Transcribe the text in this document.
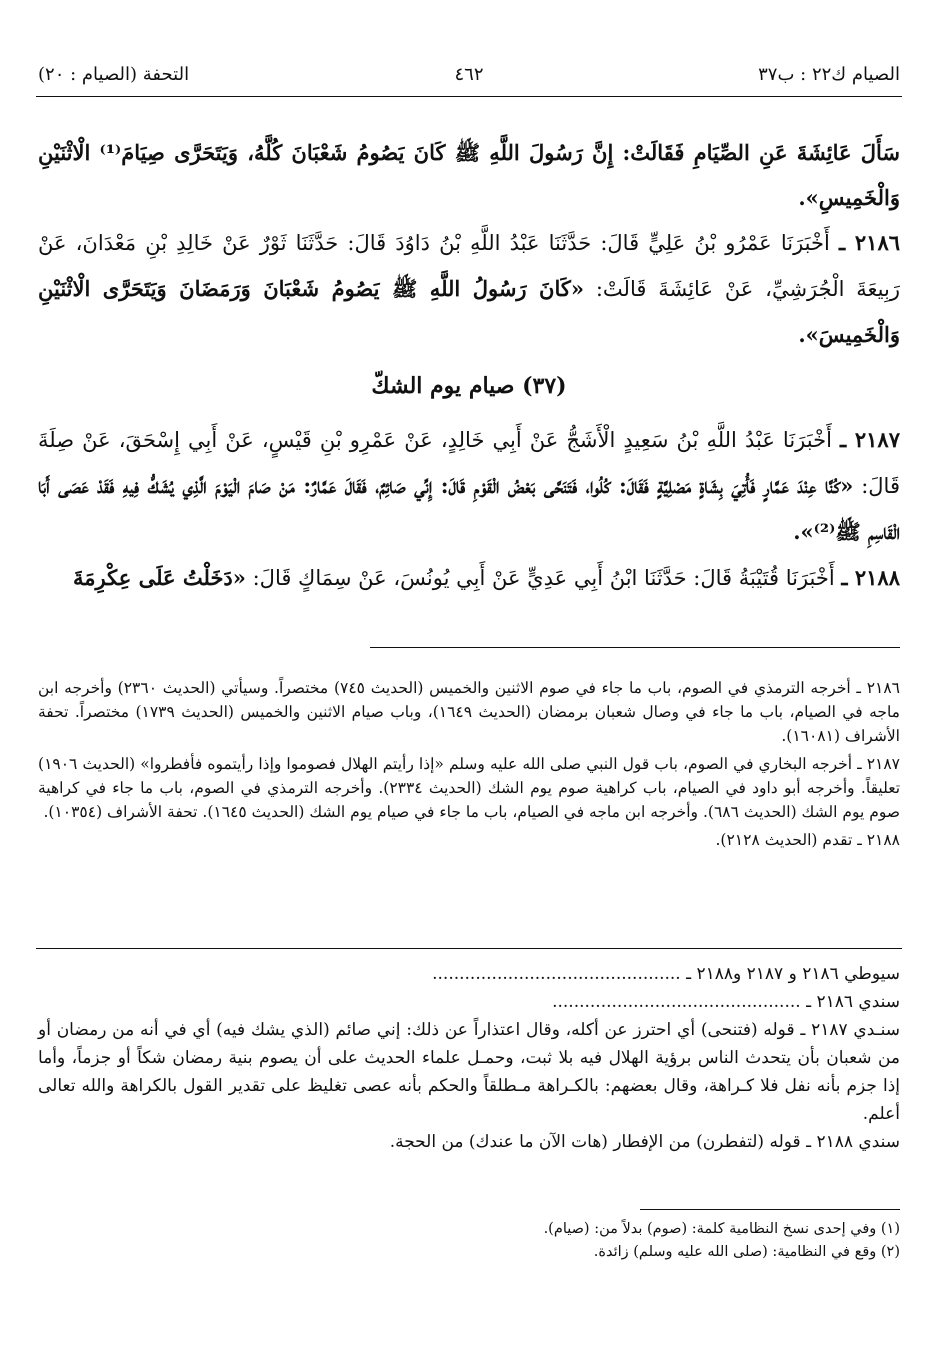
الصيام ك٢٢ : ب٣٧
٤٦٢
التحفة (الصيام : ٢٠)

سَأَلَ عَائِشَةَ عَنِ الصِّيَامِ فَقَالَتْ: إِنَّ رَسُولَ اللَّهِ ﷺ كَانَ يَصُومُ شَعْبَانَ كُلَّهُ، وَيَتَحَرَّى صِيَامَ⁽¹⁾ الْاثْنَيْنِ وَالْخَمِيسِ».

٢١٨٦ ـ أَخْبَرَنَا عَمْرُو بْنُ عَلِيٍّ قَالَ: حَدَّثَنَا عَبْدُ اللَّهِ بْنُ دَاوُدَ قَالَ: حَدَّثَنَا ثَوْرٌ عَنْ خَالِدِ بْنِ مَعْدَانَ، عَنْ رَبِيعَةَ الْجُرَشِيِّ، عَنْ عَائِشَةَ قَالَتْ: «كَانَ رَسُولُ اللَّهِ ﷺ يَصُومُ شَعْبَانَ وَرَمَضَانَ وَيَتَحَرَّى الْاثْنَيْنِ وَالْخَمِيسَ».

(٣٧) صيام يوم الشكّ

٢١٨٧ ـ أَخْبَرَنَا عَبْدُ اللَّهِ بْنُ سَعِيدٍ الْأَشَجُّ عَنْ أَبِي خَالِدٍ، عَنْ عَمْرِو بْنِ قَيْسٍ، عَنْ أَبِي إِسْحَقَ، عَنْ صِلَةَ قَالَ: «كُنَّا عِنْدَ عَمَّارٍ فَأُتِيَ بِشَاةٍ مَصْلِيَّةٍ فَقَالَ: كُلُوا، فَتَنَحَّى بَعْضُ الْقَوْمِ قَالَ: إِنِّي صَائِمٌ، فَقَالَ عَمَّارٌ: مَنْ صَامَ الْيَوْمَ الَّذِي يُشَكُّ فِيهِ فَقَدْ عَصَى أَبَا الْقَاسِمِ ﷺ⁽²⁾».

٢١٨٨ ـ أَخْبَرَنَا قُتَيْبَةُ قَالَ: حَدَّثَنَا ابْنُ أَبِي عَدِيٍّ عَنْ أَبِي يُونُسَ، عَنْ سِمَاكٍ قَالَ: «دَخَلْتُ عَلَى عِكْرِمَةَ

٢١٨٦ ـ أخرجه الترمذي في الصوم، باب ما جاء في صوم الاثنين والخميس (الحديث ٧٤٥) مختصراً. وسيأتي (الحديث ٢٣٦٠) وأخرجه ابن ماجه في الصيام، باب ما جاء في وصال شعبان برمضان (الحديث ١٦٤٩)، وباب صيام الاثنين والخميس (الحديث ١٧٣٩) مختصراً. تحفة الأشراف (١٦٠٨١).

٢١٨٧ ـ أخرجه البخاري في الصوم، باب قول النبي صلى الله عليه وسلم «إذا رأيتم الهلال فصوموا وإذا رأيتموه فأفطروا» (الحديث ١٩٠٦) تعليقاً. وأخرجه أبو داود في الصيام، باب كراهية صوم يوم الشك (الحديث ٢٣٣٤). وأخرجه الترمذي في الصوم، باب ما جاء في كراهية صوم يوم الشك (الحديث ٦٨٦). وأخرجه ابن ماجه في الصيام، باب ما جاء في صيام يوم الشك (الحديث ١٦٤٥). تحفة الأشراف (١٠٣٥٤).

٢١٨٨ ـ تقدم (الحديث ٢١٢٨).

سيوطي ٢١٨٦ و ٢١٨٧ و٢١٨٨ ـ ..............................................

سندي ٢١٨٦ ـ ..............................................

سنـدي ٢١٨٧ ـ قوله (فتنحى) أي احترز عن أكله، وقال اعتذاراً عن ذلك: إني صائم (الذي يشك فيه) أي في أنه من رمضان أو من شعبان بأن يتحدث الناس برؤية الهلال فيه بلا ثبت، وحمـل علماء الحديث على أن يصوم بنية رمضان شكاً أو جزماً، وأما إذا جزم بأنه نفل فلا كـراهة، وقال بعضهم: بالكـراهة مـطلقاً والحكم بأنه عصى تغليظ على تقدير القول بالكراهة والله تعالى أعلم.

سندي ٢١٨٨ ـ قوله (لتفطرن) من الإفطار (هات الآن ما عندك) من الحجة.

(١) وفي إحدى نسخ النظامية كلمة: (صوم) بدلاً من: (صيام).

(٢) وقع في النظامية: (صلى الله عليه وسلم) زائدة.
